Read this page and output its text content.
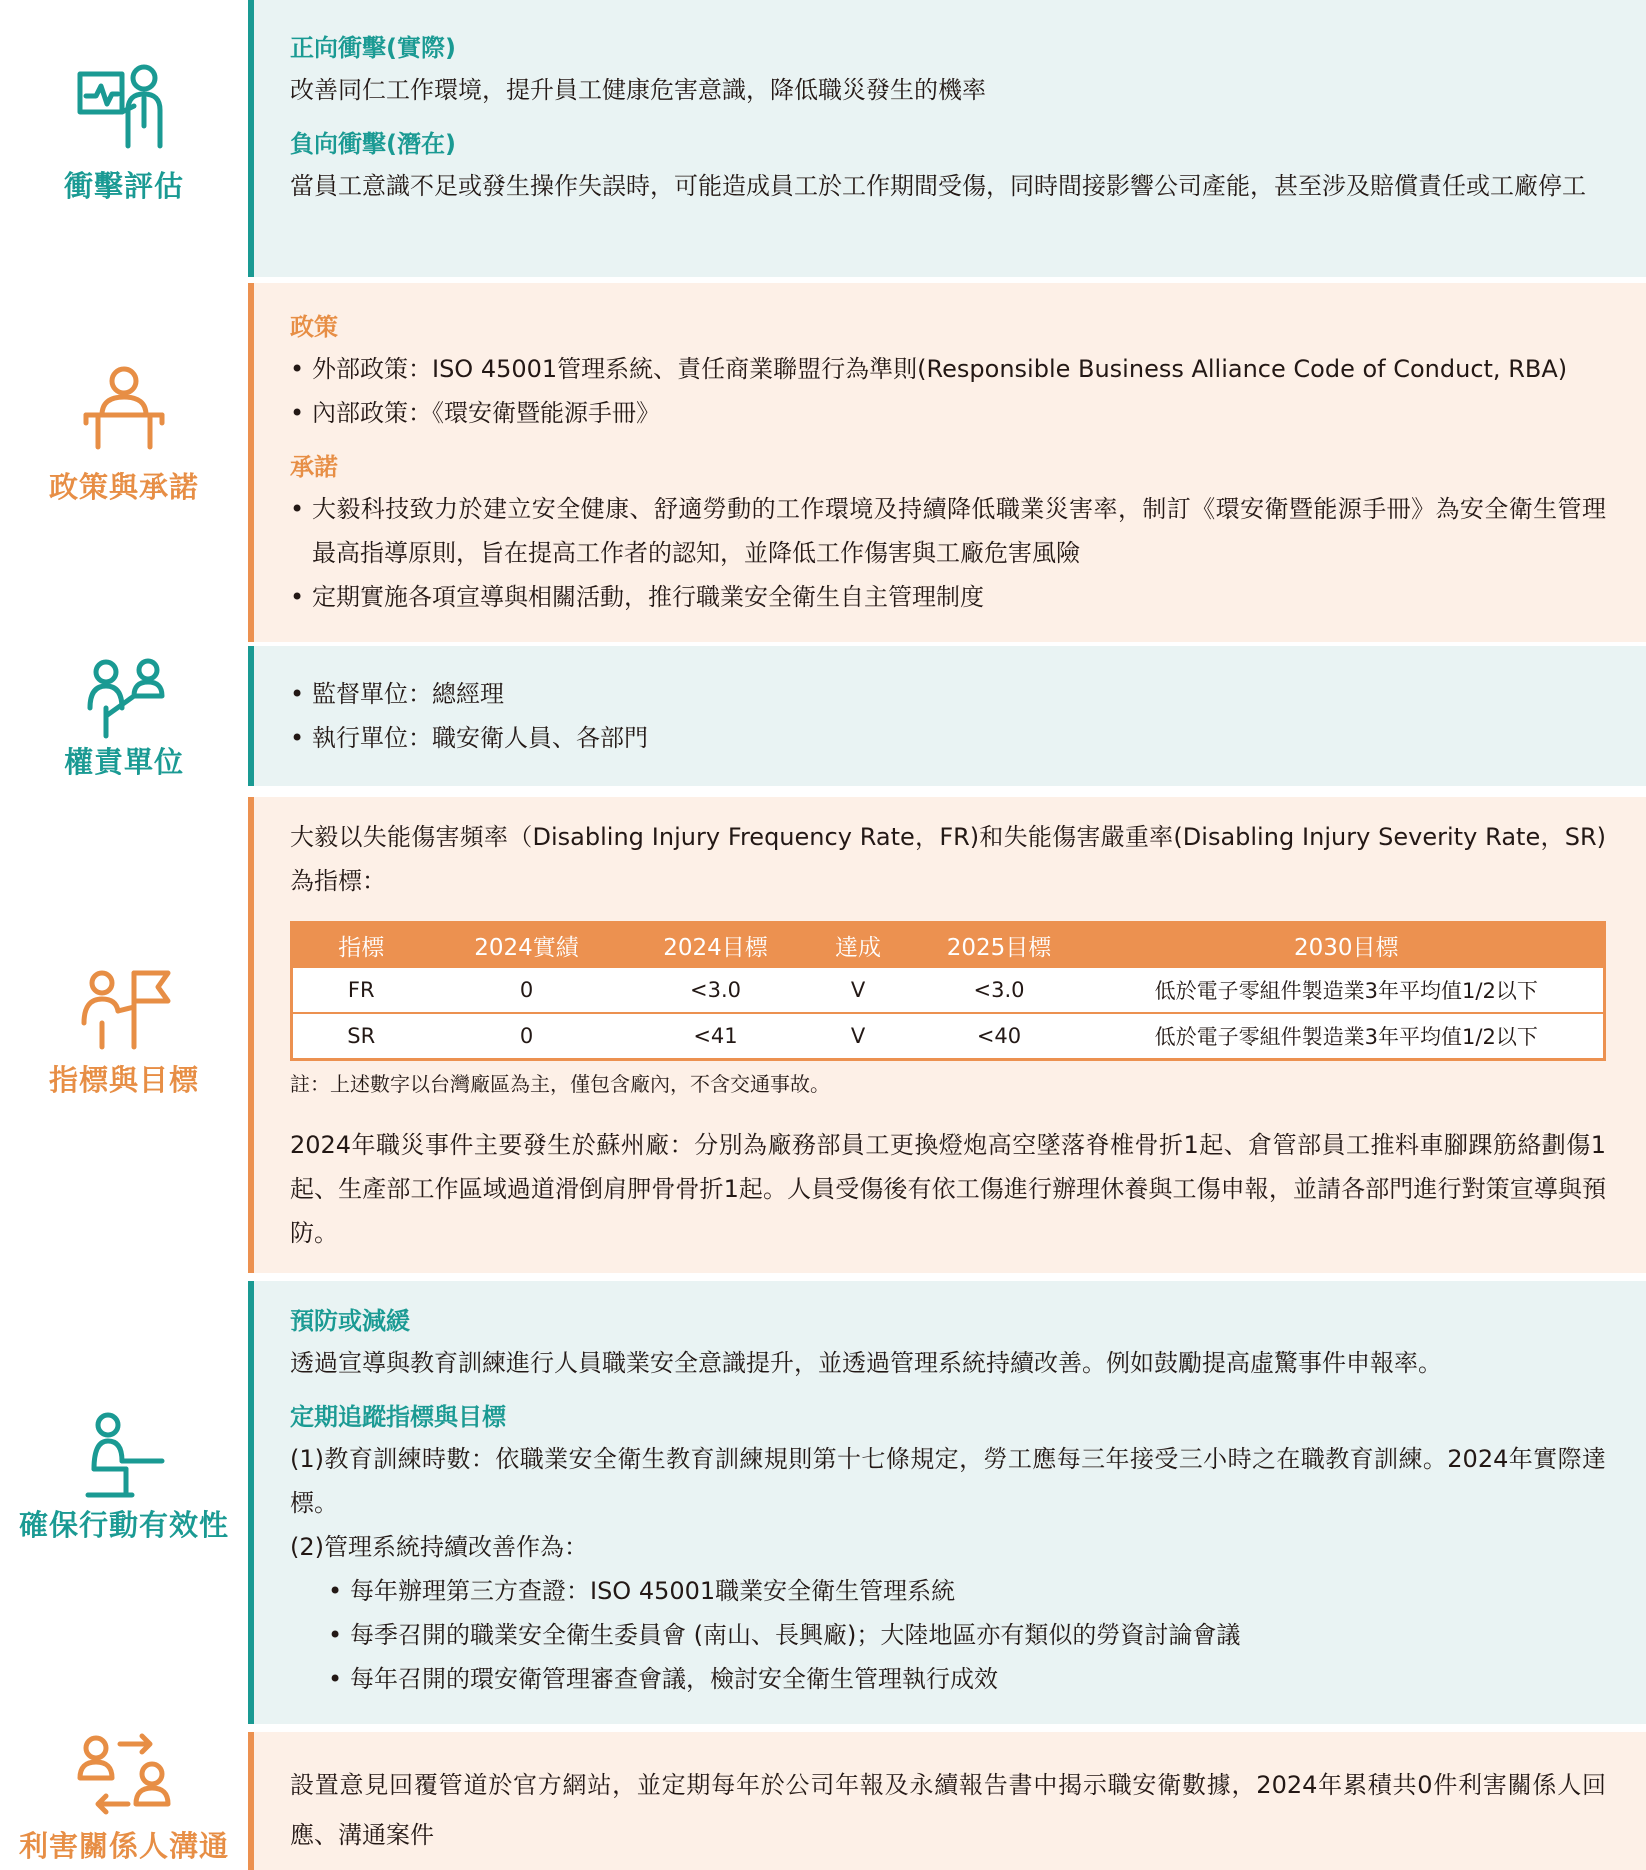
衝擊評估
正向衝擊(實際)

改善同仁工作環境，提升員工健康危害意識，降低職災發生的機率

負向衝擊(潛在)

當員工意識不足或發生操作失誤時，可能造成員工於工作期間受傷，同時間接影響公司產能，甚至涉及賠償責任或工廠停工

政策與承諾
政策
• 外部政策：ISO 45001管理系統、責任商業聯盟行為準則(Responsible Business Alliance Code of Conduct, RBA)
• 內部政策：《環安衛暨能源手冊》
承諾
• 大毅科技致力於建立安全健康、舒適勞動的工作環境及持續降低職業災害率，制訂《環安衛暨能源手冊》為安全衛生管理最高指導原則，旨在提高工作者的認知，並降低工作傷害與工廠危害風險
• 定期實施各項宣導與相關活動，推行職業安全衛生自主管理制度
權責單位
• 監督單位：總經理
• 執行單位：職安衛人員、各部門
指標與目標

大毅以失能傷害頻率（Disabling Injury Frequency Rate，FR)和失能傷害嚴重率(Disabling Injury Severity Rate，SR)為指標：

指標	2024實績	2024目標	達成	2025目標	2030目標
FR	0	<3.0	V	<3.0	低於電子零組件製造業3年平均值1/2以下
SR	0	<41	V	<40	低於電子零組件製造業3年平均值1/2以下
註：上述數字以台灣廠區為主，僅包含廠內，不含交通事故。

2024年職災事件主要發生於蘇州廠：分別為廠務部員工更換燈炮高空墜落脊椎骨折1起、倉管部員工推料車腳踝筋絡劃傷1起、生產部工作區域過道滑倒肩胛骨骨折1起。人員受傷後有依工傷進行辦理休養與工傷申報，並請各部門進行對策宣導與預防。

確保行動有效性
預防或減緩

透過宣導與教育訓練進行人員職業安全意識提升，並透過管理系統持續改善。例如鼓勵提高虛驚事件申報率。

定期追蹤指標與目標

(1)教育訓練時數：依職業安全衛生教育訓練規則第十七條規定，勞工應每三年接受三小時之在職教育訓練。2024年實際達標。

(2)管理系統持續改善作為：

• 每年辦理第三方查證：ISO 45001職業安全衛生管理系統
• 每季召開的職業安全衛生委員會 (南山、長興廠)；大陸地區亦有類似的勞資討論會議
• 每年召開的環安衛管理審查會議，檢討安全衛生管理執行成效
利害關係人溝通

設置意見回覆管道於官方網站，並定期每年於公司年報及永續報告書中揭示職安衛數據，2024年累積共0件利害關係人回應、溝通案件
